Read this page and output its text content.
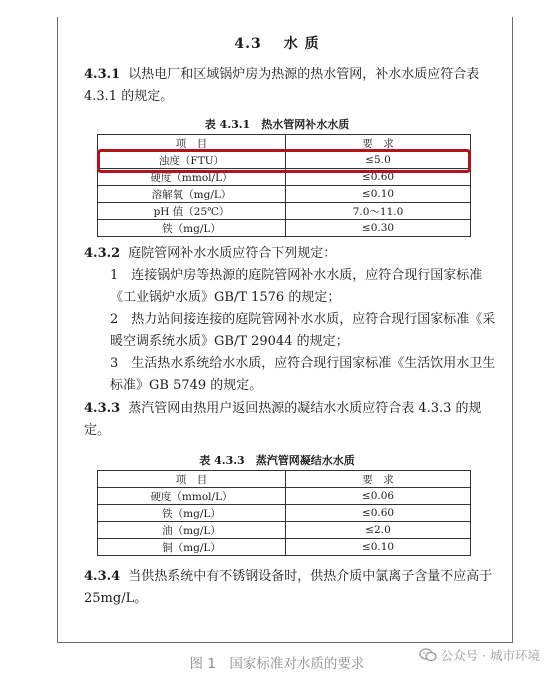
4.3 水 质
4.3.1 以热电厂和区域锅炉房为热源的热水管网，补水水质应符合表 4.3.1 的规定。
表 4.3.1　热水管网补水水质
项　目	要　求
浊度（FTU）	≤5.0
硬度（mmol/L）	≤0.60
溶解氧（mg/L）	≤0.10
pH 值（25℃）	7.0～11.0
铁（mg/L）	≤0.30
4.3.2 庭院管网补水水质应符合下列规定：
1　连接锅炉房等热源的庭院管网补水水质，应符合现行国家标准《工业锅炉水质》GB/T 1576 的规定；
2　热力站间接连接的庭院管网补水水质，应符合现行国家标准《采暖空调系统水质》GB/T 29044 的规定；
3　生活热水系统给水水质，应符合现行国家标准《生活饮用水卫生标准》GB 5749 的规定。
4.3.3 蒸汽管网由热用户返回热源的凝结水水质应符合表 4.3.3 的规定。
表 4.3.3　蒸汽管网凝结水水质
项　目	要　求
硬度（mmol/L）	≤0.06
铁（mg/L）	≤0.60
油（mg/L）	≤2.0
铜（mg/L）	≤0.10
4.3.4 当供热系统中有不锈钢设备时，供热介质中氯离子含量不应高于 25mg/L。
图 1　国家标准对水质的要求
公众号 · 城市环境
